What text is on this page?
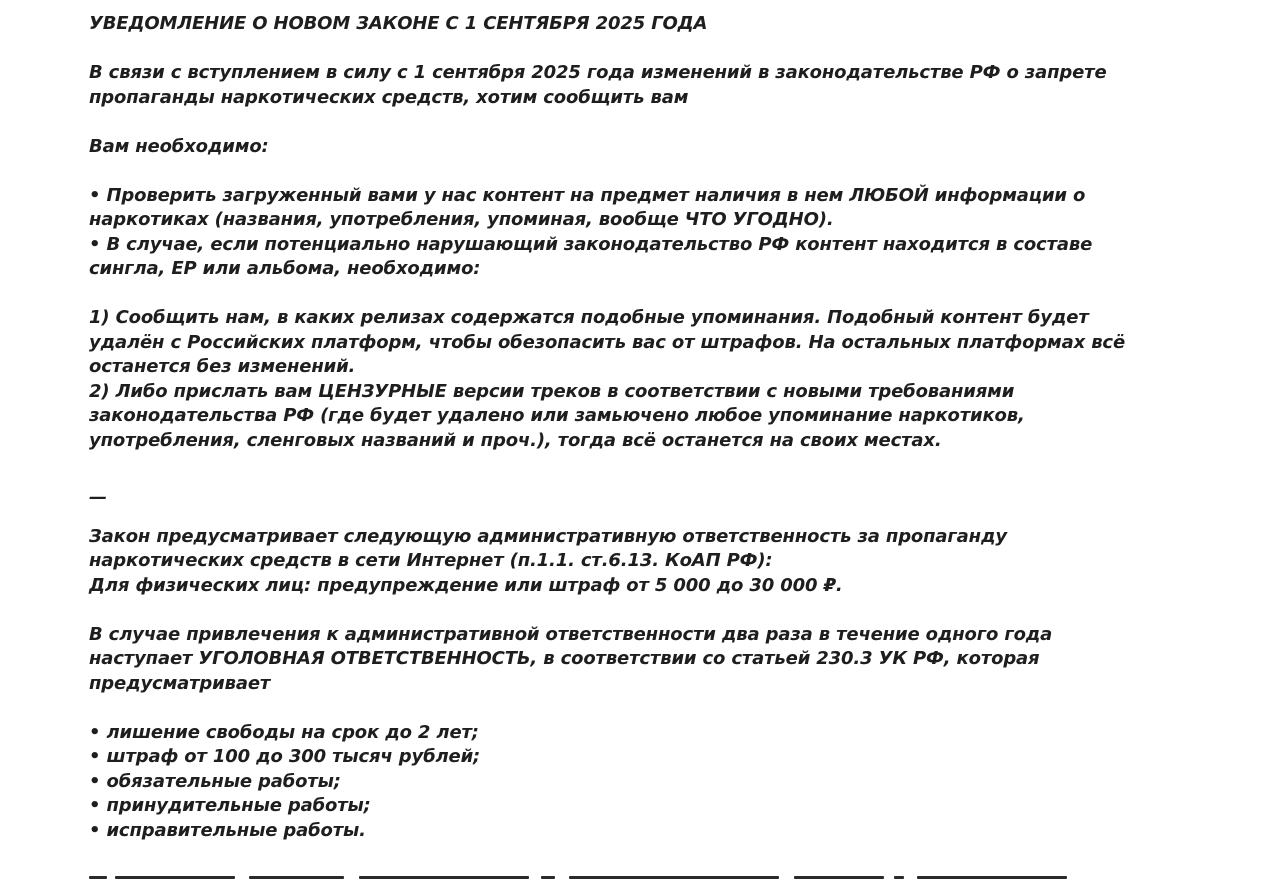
УВЕДОМЛЕНИЕ О НОВОМ ЗАКОНЕ С 1 СЕНТЯБРЯ 2025 ГОДА
В связи с вступлением в силу с 1 сентября 2025 года изменений в законодательстве РФ о запрете
пропаганды наркотических средств, хотим сообщить вам
Вам необходимо:
• Проверить загруженный вами у нас контент на предмет наличия в нем ЛЮБОЙ информации о
наркотиках (названия, употребления, упоминая, вообще ЧТО УГОДНО).
• В случае, если потенциально нарушающий законодательство РФ контент находится в составе
сингла, ЕР или альбома, необходимо:
1) Сообщить нам, в каких релизах содержатся подобные упоминания. Подобный контент будет
удалён с Российских платформ, чтобы обезопасить вас от штрафов. На остальных платформах всё
останется без изменений.
2) Либо прислать вам ЦЕНЗУРНЫЕ версии треков в соответствии с новыми требованиями
законодательства РФ (где будет удалено или замьючено любое упоминание наркотиков,
употребления, сленговых названий и проч.), тогда всё останется на своих местах.
—
Закон предусматривает следующую административную ответственность за пропаганду
наркотических средств в сети Интернет (п.1.1. ст.6.13. КоАП РФ):
Для физических лиц: предупреждение или штраф от 5 000 до 30 000 ₽.
В случае привлечения к административной ответственности два раза в течение одного года
наступает УГОЛОВНАЯ ОТВЕТСТВЕННОСТЬ, в соответствии со статьей 230.3 УК РФ, которая
предусматривает
• лишение свободы на срок до 2 лет;
• штраф от 100 до 300 тысяч рублей;
• обязательные работы;
• принудительные работы;
• исправительные работы.
